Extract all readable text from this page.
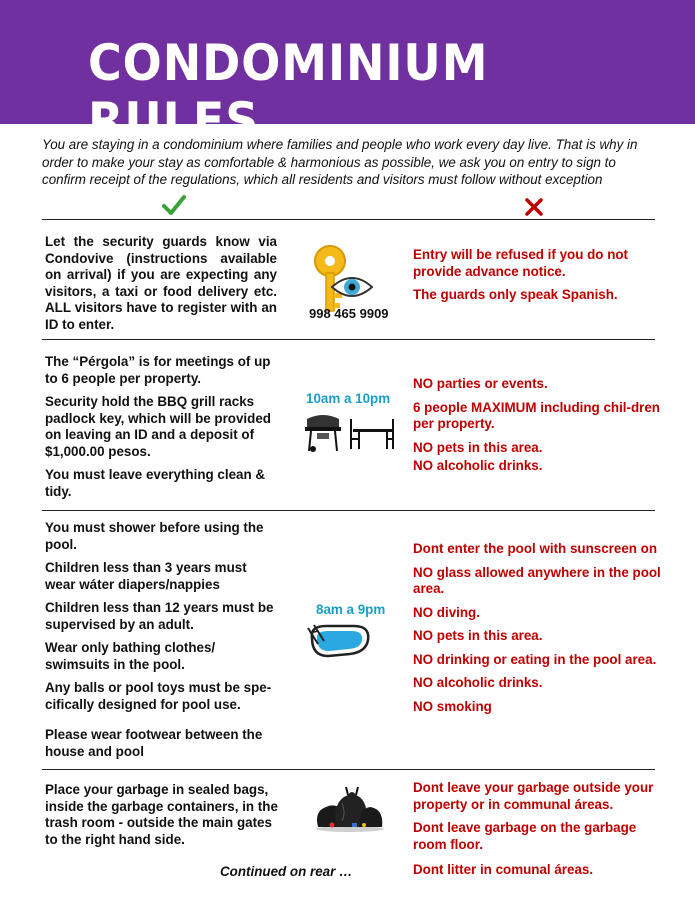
CONDOMINIUM RULES
You are staying in a condominium where families and people who work every day live. That is why in order to make your stay as comfortable & harmonious as possible, we ask you on entry to sign to confirm receipt of the regulations, which all residents and visitors must follow without exception
Let the security guards know via Condovive (instructions available on arrival) if you are expecting any visitors, a taxi or food delivery etc. ALL visitors have to register with an ID to enter.
998 465 9909

Entry will be refused if you do not provide advance notice.

The guards only speak Spanish.

The “Pérgola” is for meetings of up to 6 people per property.

Security hold the BBQ grill racks padlock key, which will be provided on leaving an ID and a deposit of $1,000.00 pesos.

You must leave everything clean & tidy.

10am a 10pm

NO parties or events.

6 people MAXIMUM including chil-dren per property.

NO pets in this area.

NO alcoholic drinks.

You must shower before using the pool.

Children less than 3 years must wear wáter diapers/nappies

Children less than 12 years must be supervised by an adult.

Wear only bathing clothes/ swimsuits in the pool.

Any balls or pool toys must be spe-cifically designed for pool use.

Please wear footwear between the house and pool

8am a 9pm

Dont enter the pool with sunscreen on

NO glass allowed anywhere in the pool area.

NO diving.

NO pets in this area.

NO drinking or eating in the pool area.

NO alcoholic drinks.

NO smoking

Place your garbage in sealed bags, inside the garbage containers, in the trash room - outside the main gates to the right hand side.

Dont leave your garbage outside your property or in communal áreas.

Dont leave garbage on the garbage room floor.

Dont litter in comunal áreas.

Continued on rear …
